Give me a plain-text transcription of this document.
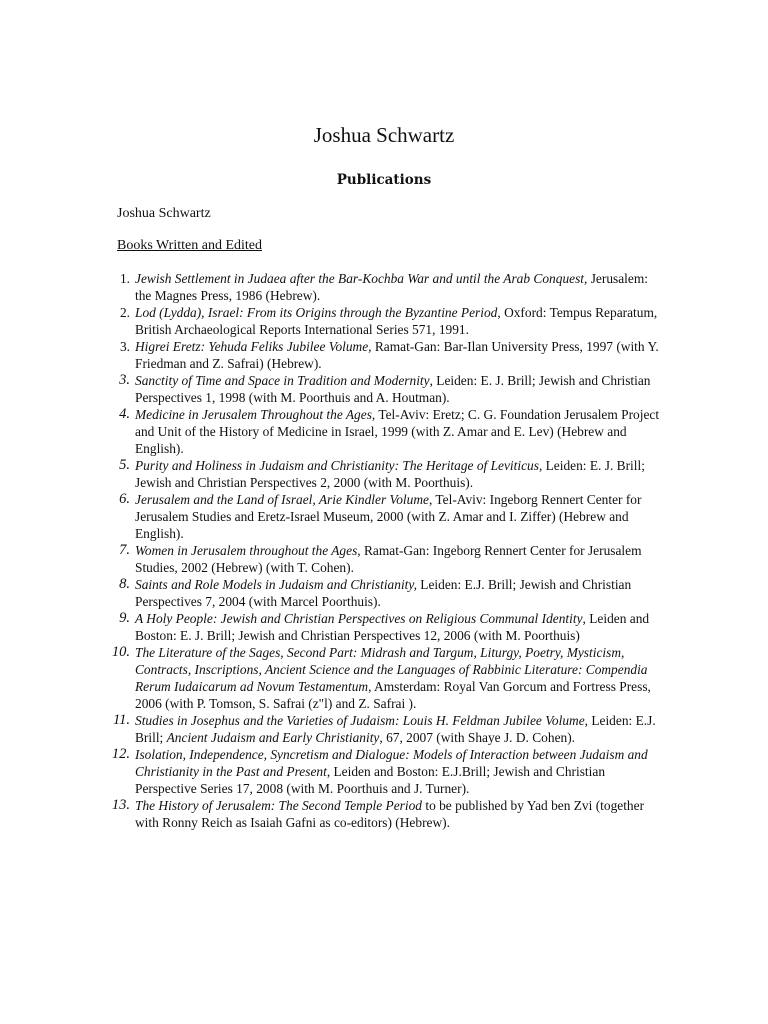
Joshua Schwartz
Publications
Joshua Schwartz
Books Written and Edited
1. Jewish Settlement in Judaea after the Bar-Kochba War and until the Arab Conquest, Jerusalem: the Magnes Press, 1986 (Hebrew).
2. Lod (Lydda), Israel: From its Origins through the Byzantine Period, Oxford: Tempus Reparatum, British Archaeological Reports International Series 571, 1991.
3. Higrei Eretz: Yehuda Feliks Jubilee Volume, Ramat-Gan: Bar-Ilan University Press, 1997 (with Y. Friedman and Z. Safrai) (Hebrew).
3. Sanctity of Time and Space in Tradition and Modernity, Leiden: E. J. Brill; Jewish and Christian Perspectives 1, 1998 (with M. Poorthuis and A. Houtman).
4. Medicine in Jerusalem Throughout the Ages, Tel-Aviv: Eretz; C. G. Foundation Jerusalem Project and Unit of the History of Medicine in Israel, 1999 (with Z. Amar and E. Lev) (Hebrew and English).
5. Purity and Holiness in Judaism and Christianity: The Heritage of Leviticus, Leiden: E. J. Brill; Jewish and Christian Perspectives 2, 2000 (with M. Poorthuis).
6. Jerusalem and the Land of Israel, Arie Kindler Volume, Tel-Aviv: Ingeborg Rennert Center for Jerusalem Studies and Eretz-Israel Museum, 2000 (with Z. Amar and I. Ziffer) (Hebrew and English).
7. Women in Jerusalem throughout the Ages, Ramat-Gan: Ingeborg Rennert Center for Jerusalem Studies, 2002 (Hebrew) (with T. Cohen).
8. Saints and Role Models in Judaism and Christianity, Leiden: E.J. Brill; Jewish and Christian Perspectives 7, 2004 (with Marcel Poorthuis).
9. A Holy People: Jewish and Christian Perspectives on Religious Communal Identity, Leiden and Boston: E. J. Brill; Jewish and Christian Perspectives 12, 2006 (with M. Poorthuis)
10. The Literature of the Sages, Second Part: Midrash and Targum, Liturgy, Poetry, Mysticism, Contracts, Inscriptions, Ancient Science and the Languages of Rabbinic Literature: Compendia Rerum Iudaicarum ad Novum Testamentum, Amsterdam: Royal Van Gorcum and Fortress Press, 2006 (with P. Tomson, S. Safrai (z"l) and Z. Safrai ).
11. Studies in Josephus and the Varieties of Judaism: Louis H. Feldman Jubilee Volume, Leiden: E.J. Brill; Ancient Judaism and Early Christianity, 67, 2007 (with Shaye J. D. Cohen).
12. Isolation, Independence, Syncretism and Dialogue: Models of Interaction between Judaism and Christianity in the Past and Present, Leiden and Boston: E.J.Brill; Jewish and Christian Perspective Series 17, 2008 (with M. Poorthuis and J. Turner).
13. The History of Jerusalem: The Second Temple Period to be published by Yad ben Zvi (together with Ronny Reich as Isaiah Gafni as co-editors) (Hebrew).
